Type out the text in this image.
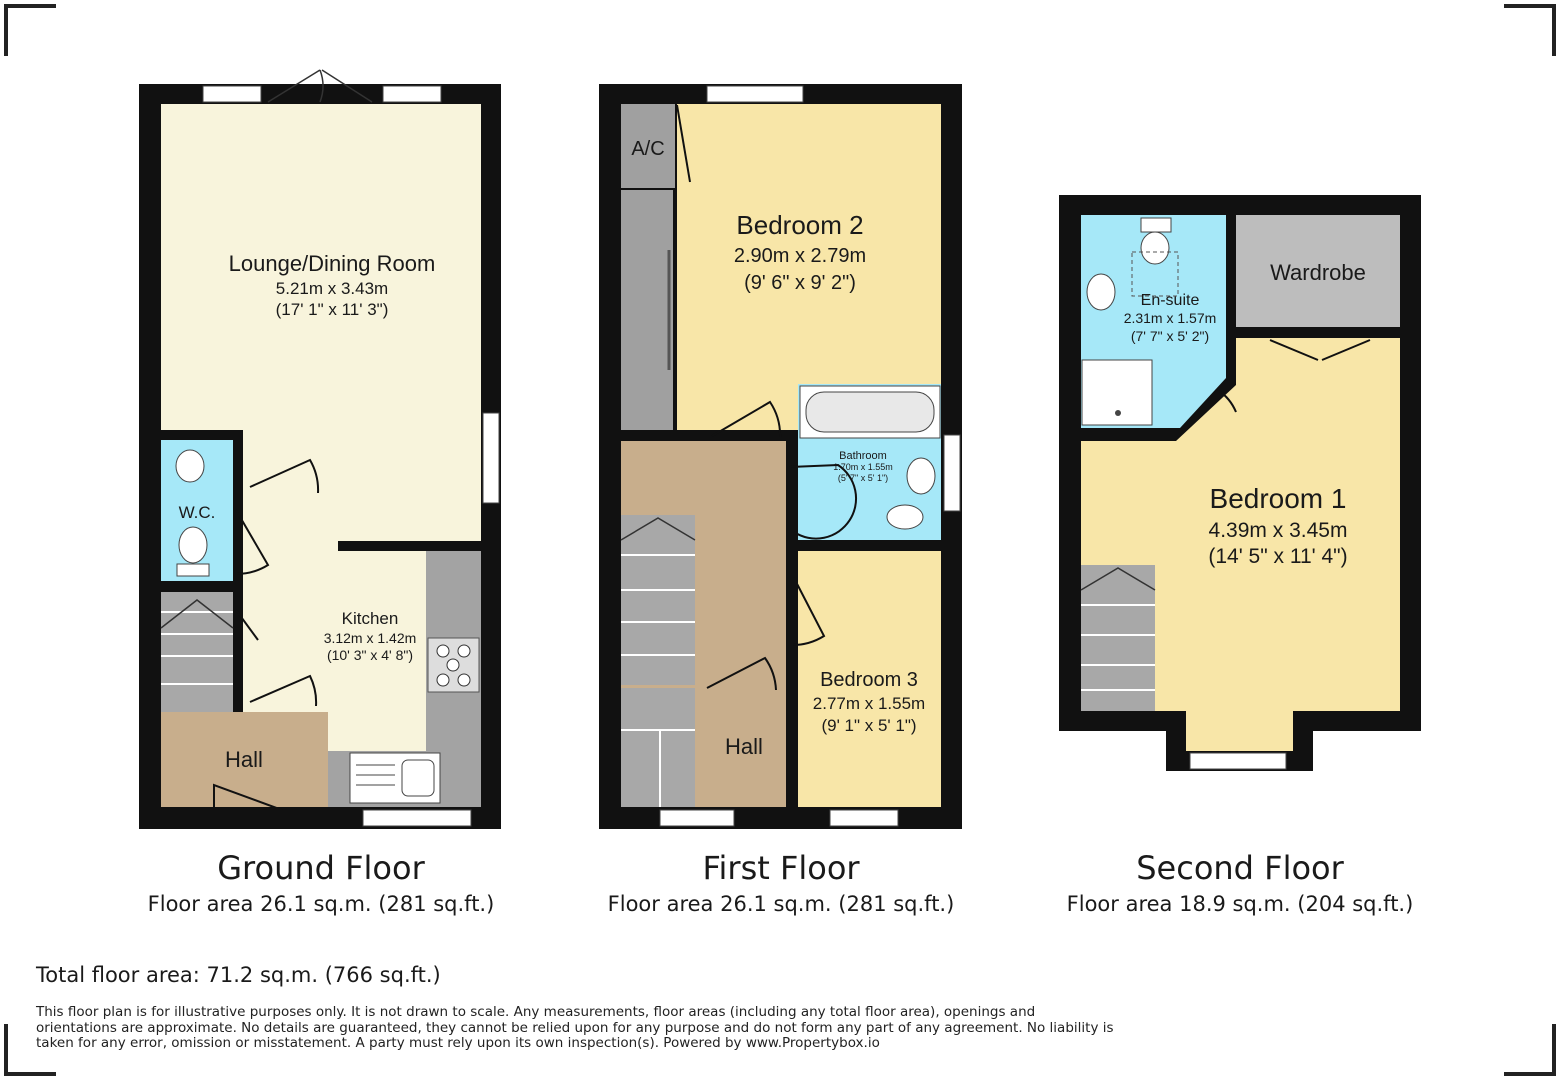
Lounge/Dining Room
5.21m x 3.43m
(17' 1" x 11' 3")
W.C.
Kitchen
3.12m x 1.42m
(10' 3" x 4' 8")
Hall
A/C
Bedroom 2
2.90m x 2.79m
(9' 6" x 9' 2")
Bathroom
1.70m x 1.55m
(5' 7" x 5' 1")
Bedroom 3
2.77m x 1.55m
(9' 1" x 5' 1")
Hall
En-suite
2.31m x 1.57m
(7' 7" x 5' 2")
Wardrobe
Bedroom 1
4.39m x 3.45m
(14' 5" x 11' 4")
Ground Floor
Floor area 26.1 sq.m. (281 sq.ft.)
First Floor
Floor area 26.1 sq.m. (281 sq.ft.)
Second Floor
Floor area 18.9 sq.m. (204 sq.ft.)
Total floor area: 71.2 sq.m. (766 sq.ft.)
This floor plan is for illustrative purposes only. It is not drawn to scale. Any measurements, floor areas (including any total floor area), openings and orientations are approximate. No details are guaranteed, they cannot be relied upon for any purpose and do not form any part of any agreement. No liability is taken for any error, omission or misstatement. A party must rely upon its own inspection(s). Powered by www.Propertybox.io
